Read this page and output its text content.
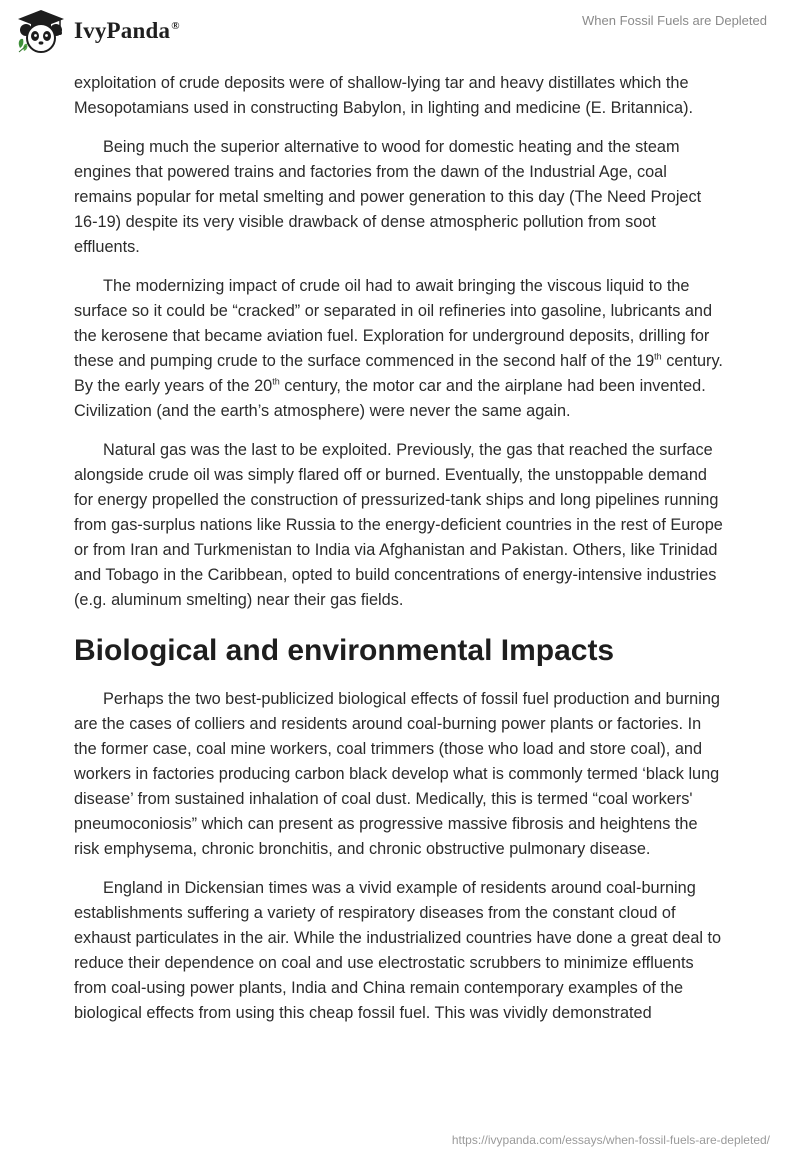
IvyPanda®	When Fossil Fuels are Depleted

exploitation of crude deposits were of shallow-lying tar and heavy distillates which the Mesopotamians used in constructing Babylon, in lighting and medicine (E. Britannica).

Being much the superior alternative to wood for domestic heating and the steam engines that powered trains and factories from the dawn of the Industrial Age, coal remains popular for metal smelting and power generation to this day (The Need Project 16-19) despite its very visible drawback of dense atmospheric pollution from soot effluents.

The modernizing impact of crude oil had to await bringing the viscous liquid to the surface so it could be “cracked” or separated in oil refineries into gasoline, lubricants and the kerosene that became aviation fuel. Exploration for underground deposits, drilling for these and pumping crude to the surface commenced in the second half of the 19th century. By the early years of the 20th century, the motor car and the airplane had been invented. Civilization (and the earth’s atmosphere) were never the same again.

Natural gas was the last to be exploited. Previously, the gas that reached the surface alongside crude oil was simply flared off or burned. Eventually, the unstoppable demand for energy propelled the construction of pressurized-tank ships and long pipelines running from gas-surplus nations like Russia to the energy-deficient countries in the rest of Europe or from Iran and Turkmenistan to India via Afghanistan and Pakistan. Others, like Trinidad and Tobago in the Caribbean, opted to build concentrations of energy-intensive industries (e.g. aluminum smelting) near their gas fields.

Biological and environmental Impacts

Perhaps the two best-publicized biological effects of fossil fuel production and burning are the cases of colliers and residents around coal-burning power plants or factories. In the former case, coal mine workers, coal trimmers (those who load and store coal), and workers in factories producing carbon black develop what is commonly termed ‘black lung disease’ from sustained inhalation of coal dust. Medically, this is termed “coal workers' pneumoconiosis” which can present as progressive massive fibrosis and heightens the risk emphysema, chronic bronchitis, and chronic obstructive pulmonary disease.

England in Dickensian times was a vivid example of residents around coal-burning establishments suffering a variety of respiratory diseases from the constant cloud of exhaust particulates in the air. While the industrialized countries have done a great deal to reduce their dependence on coal and use electrostatic scrubbers to minimize effluents from coal-using power plants, India and China remain contemporary examples of the biological effects from using this cheap fossil fuel. This was vividly demonstrated

https://ivypanda.com/essays/when-fossil-fuels-are-depleted/
